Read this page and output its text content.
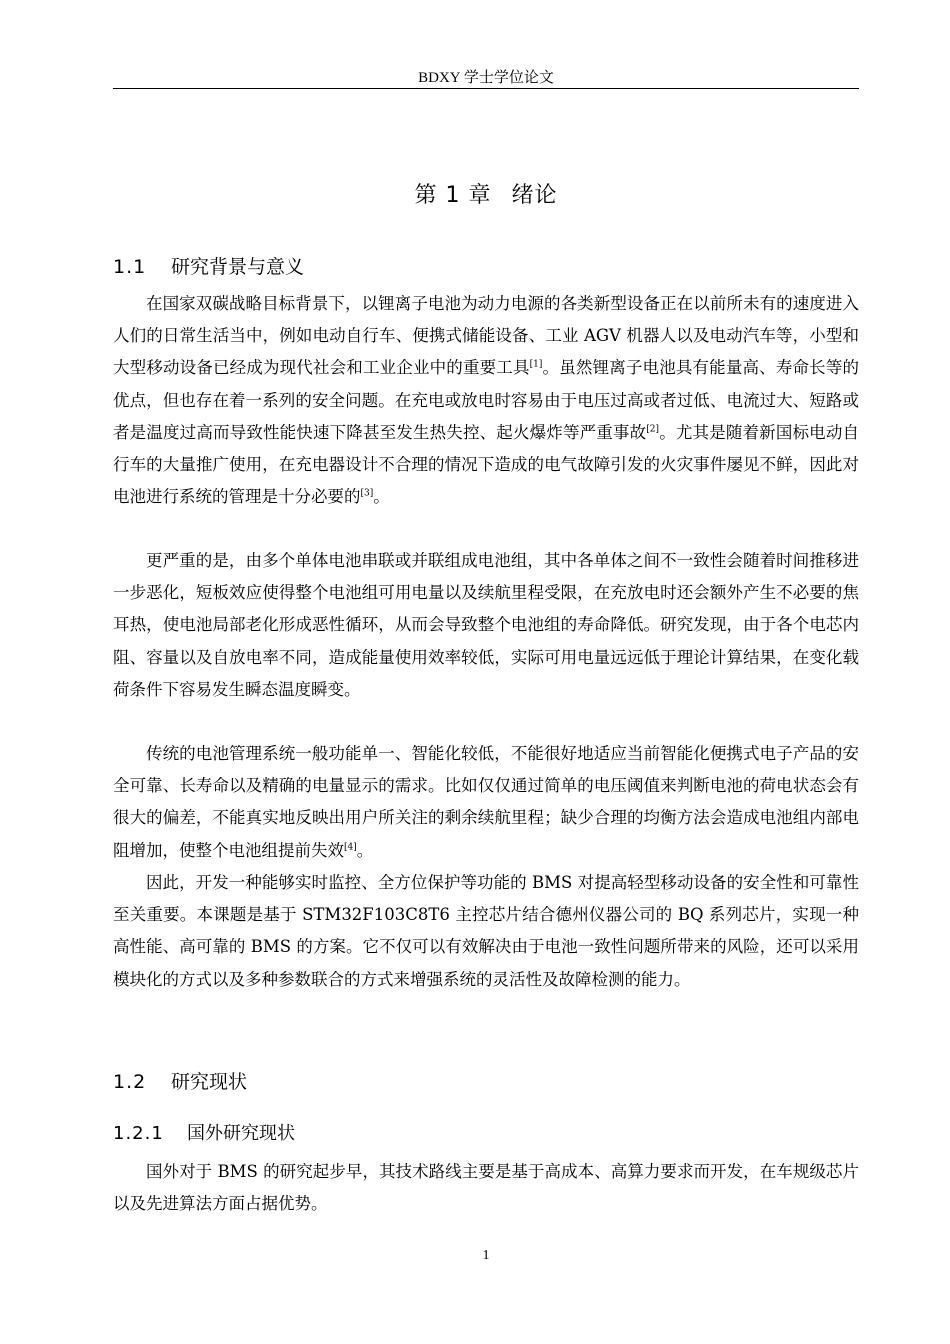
BDXY 学士学位论文
第 1 章 绪论
1.1 研究背景与意义

在国家双碳战略目标背景下，以锂离子电池为动力电源的各类新型设备正在以前所未有的速度进入人们的日常生活当中，例如电动自行车、便携式储能设备、工业 AGV 机器人以及电动汽车等，小型和大型移动设备已经成为现代社会和工业企业中的重要工具[1]。虽然锂离子电池具有能量高、寿命长等的优点，但也存在着一系列的安全问题。在充电或放电时容易由于电压过高或者过低、电流过大、短路或者是温度过高而导致性能快速下降甚至发生热失控、起火爆炸等严重事故[2]。尤其是随着新国标电动自行车的大量推广使用，在充电器设计不合理的情况下造成的电气故障引发的火灾事件屡见不鲜，因此对电池进行系统的管理是十分必要的[3]。

更严重的是，由多个单体电池串联或并联组成电池组，其中各单体之间不一致性会随着时间推移进一步恶化，短板效应使得整个电池组可用电量以及续航里程受限，在充放电时还会额外产生不必要的焦耳热，使电池局部老化形成恶性循环，从而会导致整个电池组的寿命降低。研究发现，由于各个电芯内阻、容量以及自放电率不同，造成能量使用效率较低，实际可用电量远远低于理论计算结果，在变化载荷条件下容易发生瞬态温度瞬变。

传统的电池管理系统一般功能单一、智能化较低，不能很好地适应当前智能化便携式电子产品的安全可靠、长寿命以及精确的电量显示的需求。比如仅仅通过简单的电压阈值来判断电池的荷电状态会有很大的偏差，不能真实地反映出用户所关注的剩余续航里程；缺少合理的均衡方法会造成电池组内部电阻增加，使整个电池组提前失效[4]。

因此，开发一种能够实时监控、全方位保护等功能的 BMS 对提高轻型移动设备的安全性和可靠性至关重要。本课题是基于 STM32F103C8T6 主控芯片结合德州仪器公司的 BQ 系列芯片，实现一种高性能、高可靠的 BMS 的方案。它不仅可以有效解决由于电池一致性问题所带来的风险，还可以采用模块化的方式以及多种参数联合的方式来增强系统的灵活性及故障检测的能力。

1.2 研究现状
1.2.1 国外研究现状

国外对于 BMS 的研究起步早，其技术路线主要是基于高成本、高算力要求而开发，在车规级芯片以及先进算法方面占据优势。

1
